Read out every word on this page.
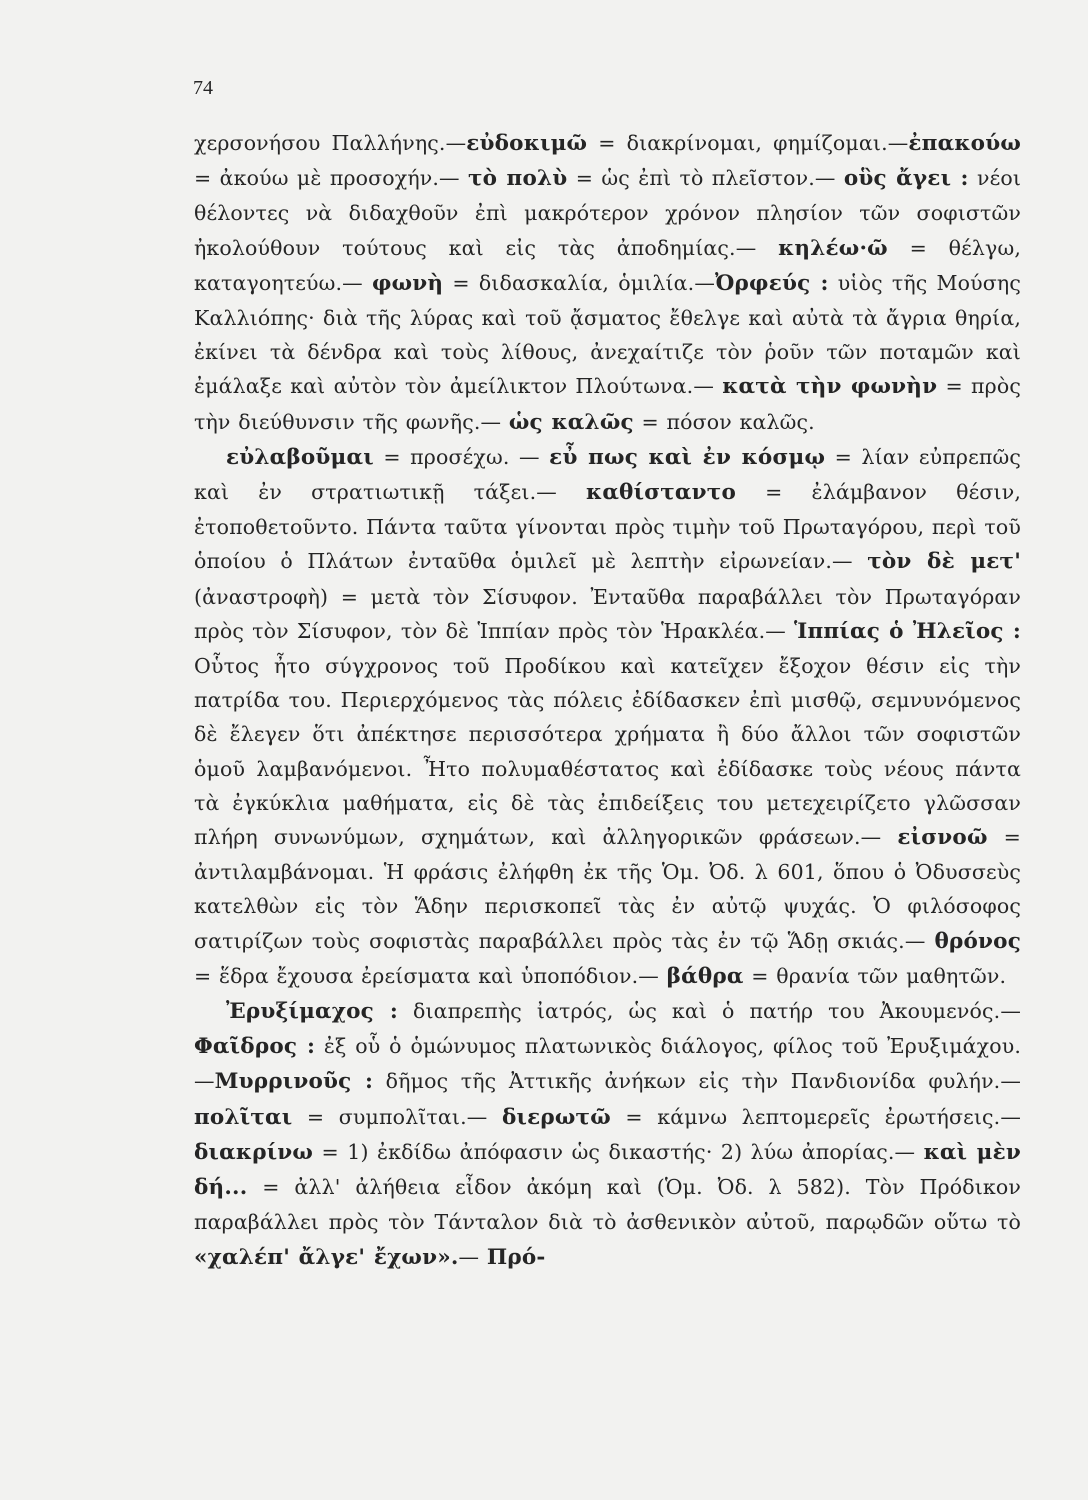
74

χερσονήσου Παλλήνης.—εὐδοκιμῶ = διακρίνομαι, φημίζομαι.—ἐπακούω = ἀκούω μὲ προσοχήν.— τὸ πολὺ = ὡς ἐπὶ τὸ πλεῖστον.— οὓς ἄγει : νέοι θέλοντες νὰ διδαχθοῦν ἐπὶ μακρότερον χρόνον πλησίον τῶν σοφιστῶν ἠκολούθουν τούτους καὶ εἰς τὰς ἀποδημίας.— κηλέω·ῶ = θέλγω, καταγοητεύω.— φωνὴ = διδασκαλία, ὁμιλία.—Ὀρφεύς : υἱὸς τῆς Μούσης Καλλιόπης· διὰ τῆς λύρας καὶ τοῦ ᾄσματος ἔθελγε καὶ αὐτὰ τὰ ἄγρια θηρία, ἐκίνει τὰ δένδρα καὶ τοὺς λίθους, ἀνεχαίτιζε τὸν ῥοῦν τῶν ποταμῶν καὶ ἐμάλαξε καὶ αὐτὸν τὸν ἀμείλικτον Πλούτωνα.— κατὰ τὴν φωνὴν = πρὸς τὴν διεύθυνσιν τῆς φωνῆς.— ὡς καλῶς = πόσον καλῶς.

εὐλαβοῦμαι = προσέχω. — εὖ πως καὶ ἐν κόσμῳ = λίαν εὐπρεπῶς καὶ ἐν στρατιωτικῇ τάξει.— καθίσταντο = ἐλάμβανον θέσιν, ἐτοποθετοῦντο. Πάντα ταῦτα γίνονται πρὸς τιμὴν τοῦ Πρωταγόρου, περὶ τοῦ ὁποίου ὁ Πλάτων ἐνταῦθα ὁμιλεῖ μὲ λεπτὴν εἰρωνείαν.— τὸν δὲ μετ' (ἀναστροφὴ) = μετὰ τὸν Σίσυφον. Ἐνταῦθα παραβάλλει τὸν Πρωταγόραν πρὸς τὸν Σίσυφον, τὸν δὲ Ἱππίαν πρὸς τὸν Ἡρακλέα.— Ἱππίας ὁ Ἠλεῖος : Οὗτος ἦτο σύγχρονος τοῦ Προδίκου καὶ κατεῖχεν ἔξοχον θέσιν εἰς τὴν πατρίδα του. Περιερχόμενος τὰς πόλεις ἐδίδασκεν ἐπὶ μισθῷ, σεμνυνόμενος δὲ ἔλεγεν ὅτι ἀπέκτησε περισσότερα χρήματα ἢ δύο ἄλλοι τῶν σοφιστῶν ὁμοῦ λαμβανόμενοι. Ἦτο πολυμαθέστατος καὶ ἐδίδασκε τοὺς νέους πάντα τὰ ἐγκύκλια μαθήματα, εἰς δὲ τὰς ἐπιδείξεις του μετεχειρίζετο γλῶσσαν πλήρη συνωνύμων, σχημάτων, καὶ ἀλληγορικῶν φράσεων.— εἰσνοῶ = ἀντιλαμβάνομαι. Ἡ φράσις ἐλήφθη ἐκ τῆς Ὁμ. Ὀδ. λ 601, ὅπου ὁ Ὀδυσσεὺς κατελθὼν εἰς τὸν Ἅδην περισκοπεῖ τὰς ἐν αὐτῷ ψυχάς. Ὁ φιλόσοφος σατιρίζων τοὺς σοφιστὰς παραβάλλει πρὸς τὰς ἐν τῷ Ἅδῃ σκιάς.— θρόνος = ἕδρα ἔχουσα ἐρείσματα καὶ ὑποπόδιον.— βάθρα = θρανία τῶν μαθητῶν.

Ἐρυξίμαχος : διαπρεπὴς ἰατρός, ὡς καὶ ὁ πατήρ του Ἀκουμενός.— Φαῖδρος : ἐξ οὗ ὁ ὁμώνυμος πλατωνικὸς διάλογος, φίλος τοῦ Ἐρυξιμάχου.—Μυρρινοῦς : δῆμος τῆς Ἀττικῆς ἀνήκων εἰς τὴν Πανδιονίδα φυλήν.— πολῖται = συμπολῖται.— διερωτῶ = κάμνω λεπτομερεῖς ἐρωτήσεις.— διακρίνω = 1) ἐκδίδω ἀπόφασιν ὡς δικαστής· 2) λύω ἀπορίας.— καὶ μὲν δή... = ἀλλ' ἀλήθεια εἶδον ἀκόμη καὶ (Ὁμ. Ὀδ. λ 582). Τὸν Πρόδικον παραβάλλει πρὸς τὸν Τάνταλον διὰ τὸ ἀσθενικὸν αὐτοῦ, παρῳδῶν οὕτω τὸ «χαλέπ' ἄλγε' ἔχων».— Πρό-
